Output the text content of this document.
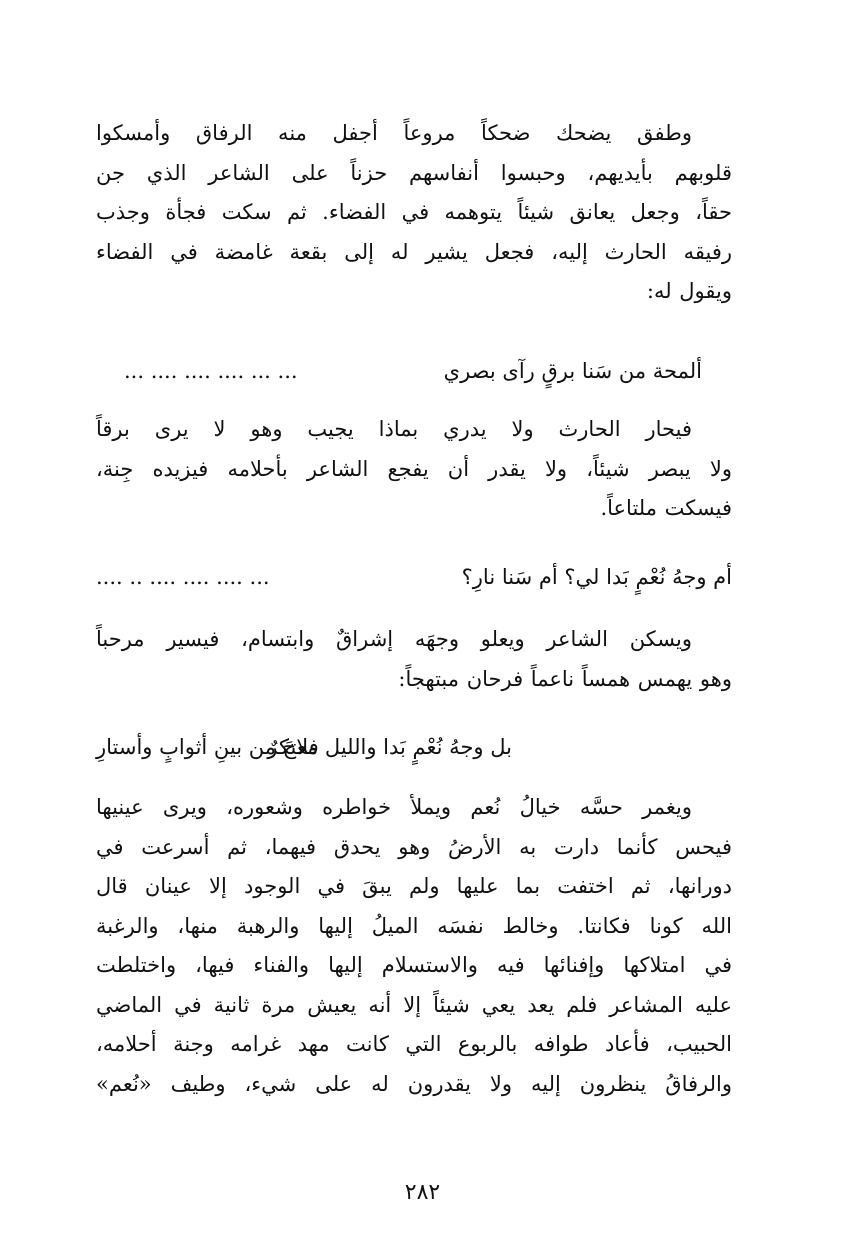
وطفق يضحك ضحكاً مروعاً أجفل منه الرفاق وأمسكوا
قلوبهم بأيديهم، وحبسوا أنفاسهم حزناً على الشاعر الذي جن
حقاً، وجعل يعانق شيئاً يتوهمه في الفضاء. ثم سكت فجأة وجذب
رفيقه الحارث إليه، فجعل يشير له إلى بقعة غامضة في الفضاء
ويقول له:
ألمحة من سَنا برقٍ رآى بصري
... ... .... .... .... ...
فيحار الحارث ولا يدري بماذا يجيب وهو لا يرى برقاً
ولا يبصر شيئاً، ولا يقدر أن يفجع الشاعر بأحلامه فيزيده جِنة،
فيسكت ملتاعاً.
أم وجهُ نُعْمٍ بَدا لي؟ أم سَنا نارِ؟
... .... .... .... .. ....
ويسكن الشاعر ويعلو وجهَه إشراقٌ وابتسام، فيسير مرحباً
وهو يهمس همساً ناعماً فرحان مبتهجاً:
بل وجهُ نُعْمٍ بَدا والليل معتكرٌ
فلاحَ من بينِ أثوابٍ وأستارِ
ويغمر حسَّه خيالُ نُعم ويملأ خواطره وشعوره، ويرى عينيها
فيحس كأنما دارت به الأرضُ وهو يحدق فيهما، ثم أسرعت في
دورانها، ثم اختفت بما عليها ولم يبقَ في الوجود إلا عينان قال
الله كونا فكانتا. وخالط نفسَه الميلُ إليها والرهبة منها، والرغبة
في امتلاكها وإفنائها فيه والاستسلام إليها والفناء فيها، واختلطت
عليه المشاعر فلم يعد يعي شيئاً إلا أنه يعيش مرة ثانية في الماضي
الحبيب، فأعاد طوافه بالربوع التي كانت مهد غرامه وجنة أحلامه،
والرفاقُ ينظرون إليه ولا يقدرون له على شيء، وطيف «نُعم»
٢٨٢
